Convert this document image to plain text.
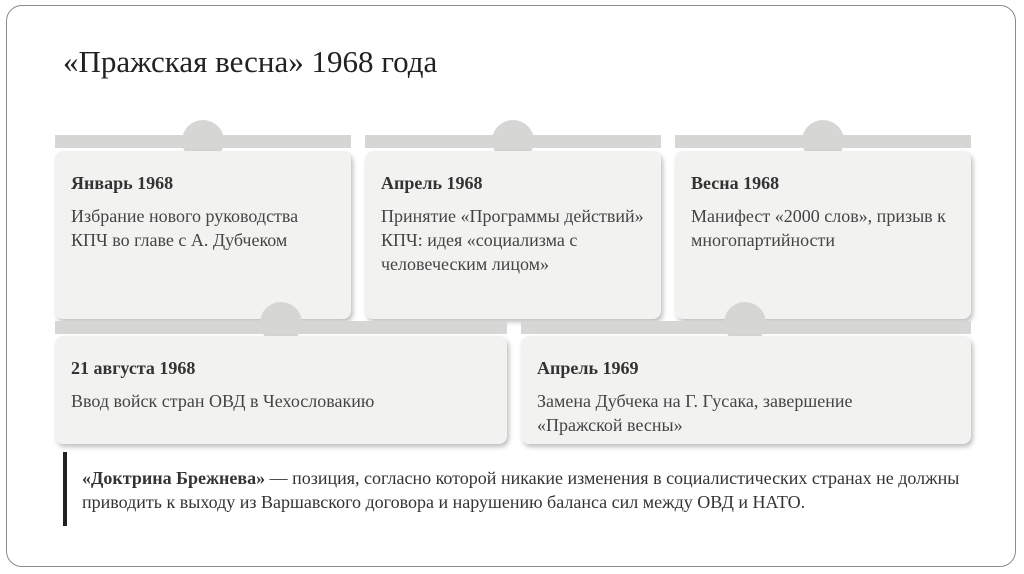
«Пражская весна» 1968 года
Январь 1968
Избрание нового руководства КПЧ во главе с А. Дубчеком
Апрель 1968
Принятие «Программы действий» КПЧ: идея «социализма с человеческим лицом»
Весна 1968
Манифест «2000 слов», призыв к многопартийности
21 августа 1968
Ввод войск стран ОВД в Чехословакию
Апрель 1969
Замена Дубчека на Г. Гусака, завершение «Пражской весны»
«Доктрина Брежнева» — позиция, согласно которой никакие изменения в социалистических странах не должны приводить к выходу из Варшавского договора и нарушению баланса сил между ОВД и НАТО.
